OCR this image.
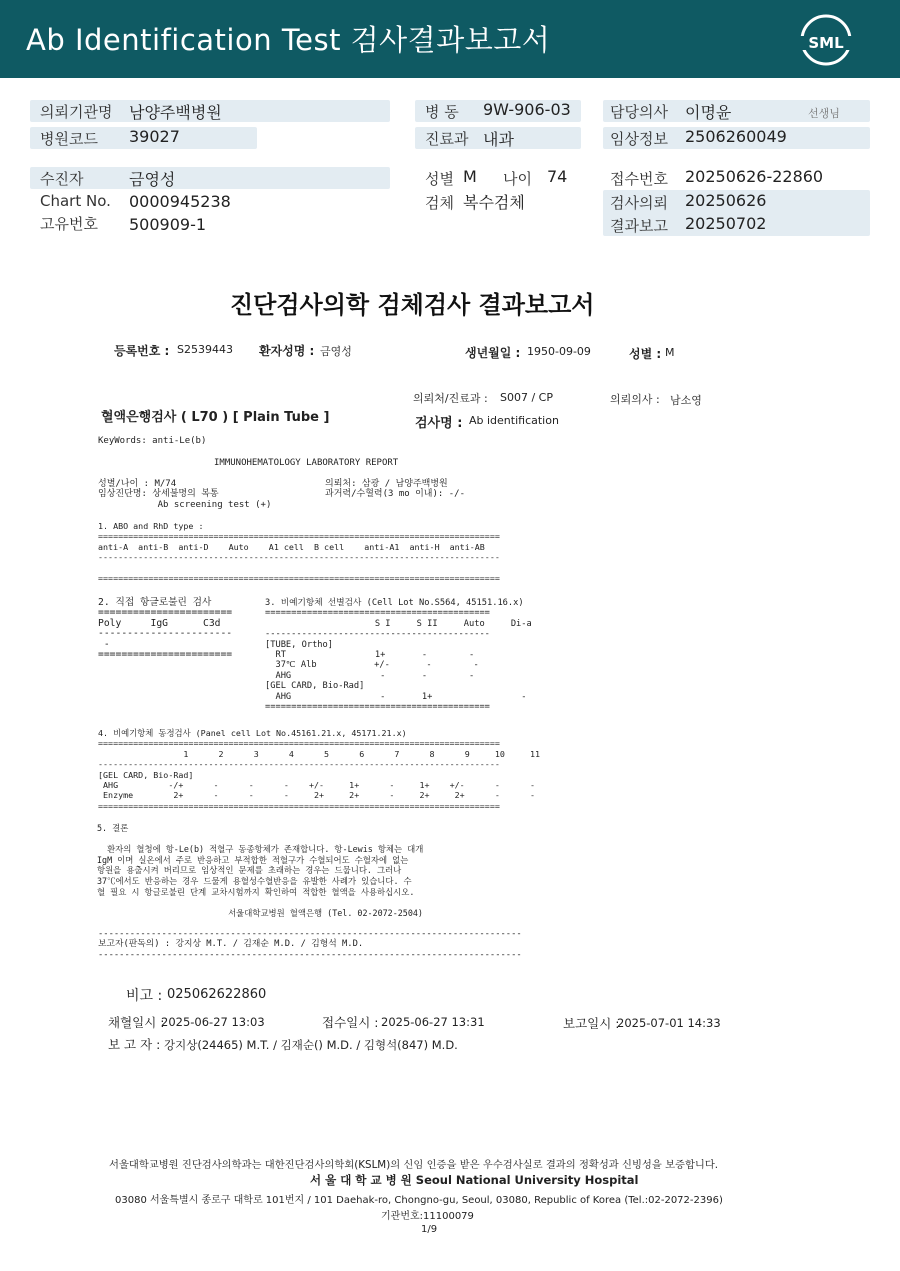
Ab Identification Test 검사결과보고서	SML
의뢰기관명 남양주백병원
병원코드 39027
병 동 9W-906-03
진료과 내과
담당의사 이명윤	선생님
임상정보 2506260049
수진자	금영성
Chart No. 0000945238
고유번호 500909-1
성별 M 나이 74
검체 복수검체
접수번호 20250626-22860
검사의뢰 20250626
결과보고 20250702
진단검사의학 검체검사 결과보고서
등록번호 : S2539443 환자성명 : 금영성	생년월일 : 1950-09-09	성별 : M
의뢰처/진료과 : S007 / CP	의뢰의사 : 남소영
혈액은행검사 ( L70 ) [ Plain Tube ]	검사명 : Ab identification
KeyWords: anti-Le(b)
IMMUNOHEMATOLOGY LABORATORY REPORT
성별/나이 : M/74
임상진단명: 상세불명의 복통
Ab screening test (+)
의뢰처: 삼광 / 남양주백병원
과거력/수혈력(3 mo 이내): -/-
1. ABO and RhD type :
================================================================================
anti-A  anti-B  anti-D    Auto    A1 cell  B cell    anti-A1  anti-H  anti-AB
--------------------------------------------------------------------------------

================================================================================
2. 직접 항글로불린 검사
=======================
Poly     IgG      C3d
-----------------------
-
=======================
3. 비예기항체 선별검사 (Cell Lot No.S564, 45151.16.x)
===========================================
S I     S II     Auto     Di-a
-------------------------------------------
[TUBE, Ortho]
RT                 1+       -        -
37℃ Alb           +/-       -        -
AHG                 -       -        -
[GEL CARD, Bio-Rad]
AHG                 -       1+                 -
===========================================
4. 비예기항체 동정검사 (Panel cell Lot No.45161.21.x, 45171.21.x)
================================================================================
1      2      3      4      5      6      7      8      9     10     11
--------------------------------------------------------------------------------
[GEL CARD, Bio-Rad]
AHG          -/+      -      -      -    +/-     1+      -     1+    +/-      -      -
Enzyme        2+      -      -      -     2+     2+      -     2+     2+      -      -
================================================================================
5. 결론

환자의 혈청에 항-Le(b) 적혈구 동종항체가 존재합니다. 항-Lewis 항체는 대개
IgM 이며 실온에서 주로 반응하고 부적합한 적혈구가 수혈되어도 수혈자에 없는
항원을 용출시켜 버리므로 임상적인 문제를 초래하는 경우는 드뭅니다. 그러나
37℃에서도 반응하는 경우 드물게 용혈성수혈반응을 유발한 사례가 있습니다. 수
혈 필요 시 항글로불린 단계 교차시험까지 확인하여 적합한 혈액을 사용하십시오.

서울대학교병원 혈액은행 (Tel. 02-2072-2504)
--------------------------------------------------------------------------------
보고자(판독의) : 강지상 M.T. / 김재순 M.D. / 김형석 M.D.
--------------------------------------------------------------------------------
비고 : 025062622860
채혈일시 :
2025-06-27 13:03	접수일시 : 2025-06-27 13:31	보고일시 :
2025-07-01 14:33
보 고 자 : 강지상(24465) M.T. / 김재순() M.D. / 김형석(847) M.D.
서울대학교병원 진단검사의학과는 대한진단검사의학회(KSLM)의 신임 인증을 받은 우수검사실로 결과의 정확성과 신빙성을 보증합니다.
서 울 대 학 교 병 원 Seoul National University Hospital
03080 서울특별시 종로구 대학로 101번지 / 101 Daehak-ro, Chongno-gu, Seoul, 03080, Republic of Korea (Tel.:02-2072-2396)
기관번호:11100079
1/9
